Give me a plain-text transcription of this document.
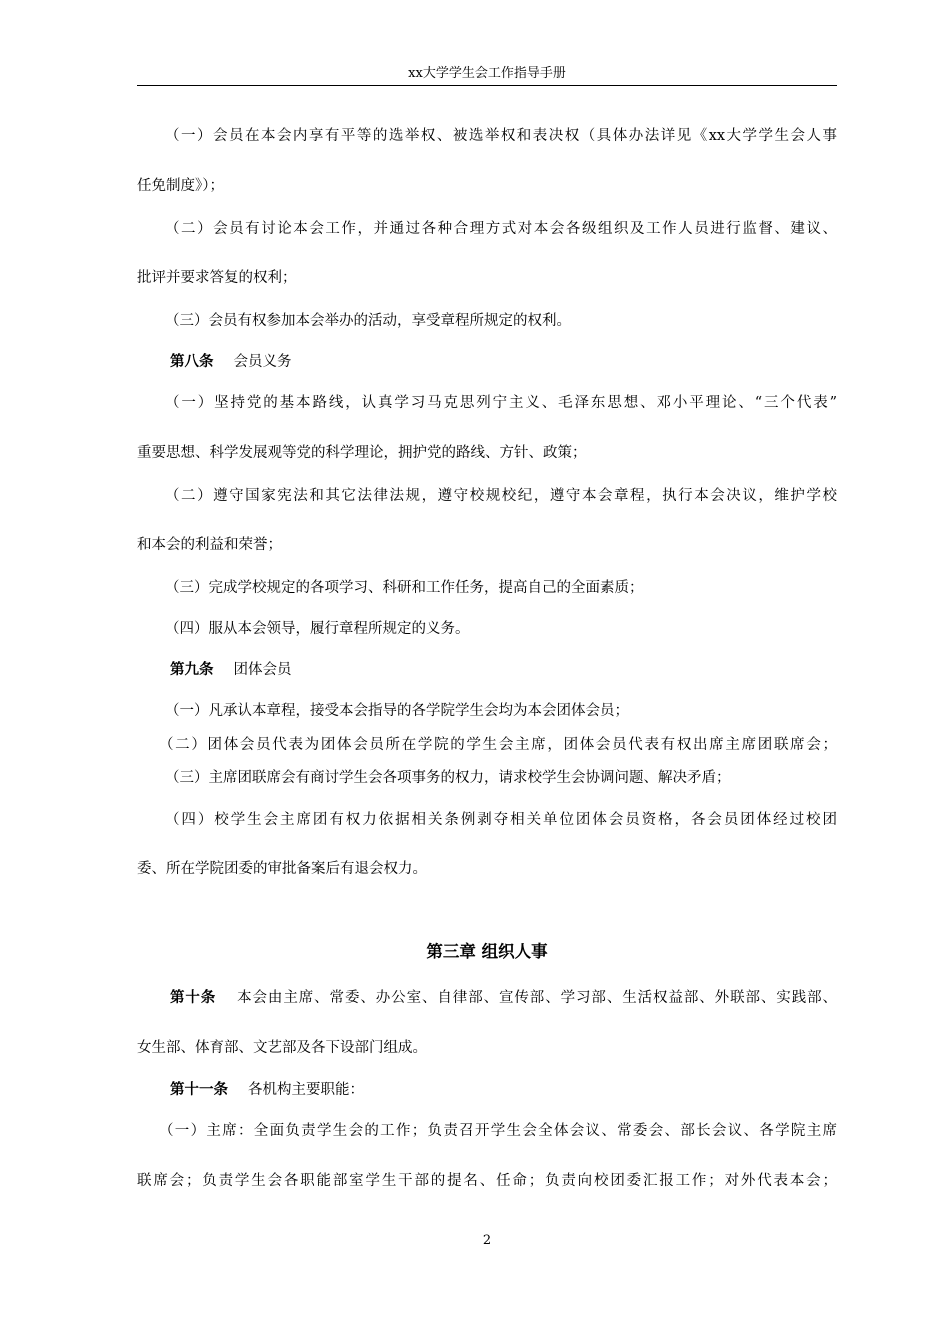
xx大学学生会工作指导手册
（一）会员在本会内享有平等的选举权、被选举权和表决权（具体办法详见《xx大学学生会人事
任免制度》）；
（二）会员有讨论本会工作，并通过各种合理方式对本会各级组织及工作人员进行监督、建议、
批评并要求答复的权利；
（三）会员有权参加本会举办的活动，享受章程所规定的权利。
第八条 会员义务
（一）坚持党的基本路线，认真学习马克思列宁主义、毛泽东思想、邓小平理论、“三个代表”
重要思想、科学发展观等党的科学理论，拥护党的路线、方针、政策；
（二）遵守国家宪法和其它法律法规，遵守校规校纪，遵守本会章程，执行本会决议，维护学校
和本会的利益和荣誉；
（三）完成学校规定的各项学习、科研和工作任务，提高自己的全面素质；
（四）服从本会领导，履行章程所规定的义务。
第九条 团体会员
（一）凡承认本章程，接受本会指导的各学院学生会均为本会团体会员；
（二）团体会员代表为团体会员所在学院的学生会主席，团体会员代表有权出席主席团联席会；
（三）主席团联席会有商讨学生会各项事务的权力，请求校学生会协调问题、解决矛盾；
（四）校学生会主席团有权力依据相关条例剥夺相关单位团体会员资格，各会员团体经过校团
委、所在学院团委的审批备案后有退会权力。
第三章 组织人事
第十条 本会由主席、常委、办公室、自律部、宣传部、学习部、生活权益部、外联部、实践部、
女生部、体育部、文艺部及各下设部门组成。
第十一条 各机构主要职能：
（一）主席：全面负责学生会的工作；负责召开学生会全体会议、常委会、部长会议、各学院主席
联席会；负责学生会各职能部室学生干部的提名、任命；负责向校团委汇报工作；对外代表本会；
2
